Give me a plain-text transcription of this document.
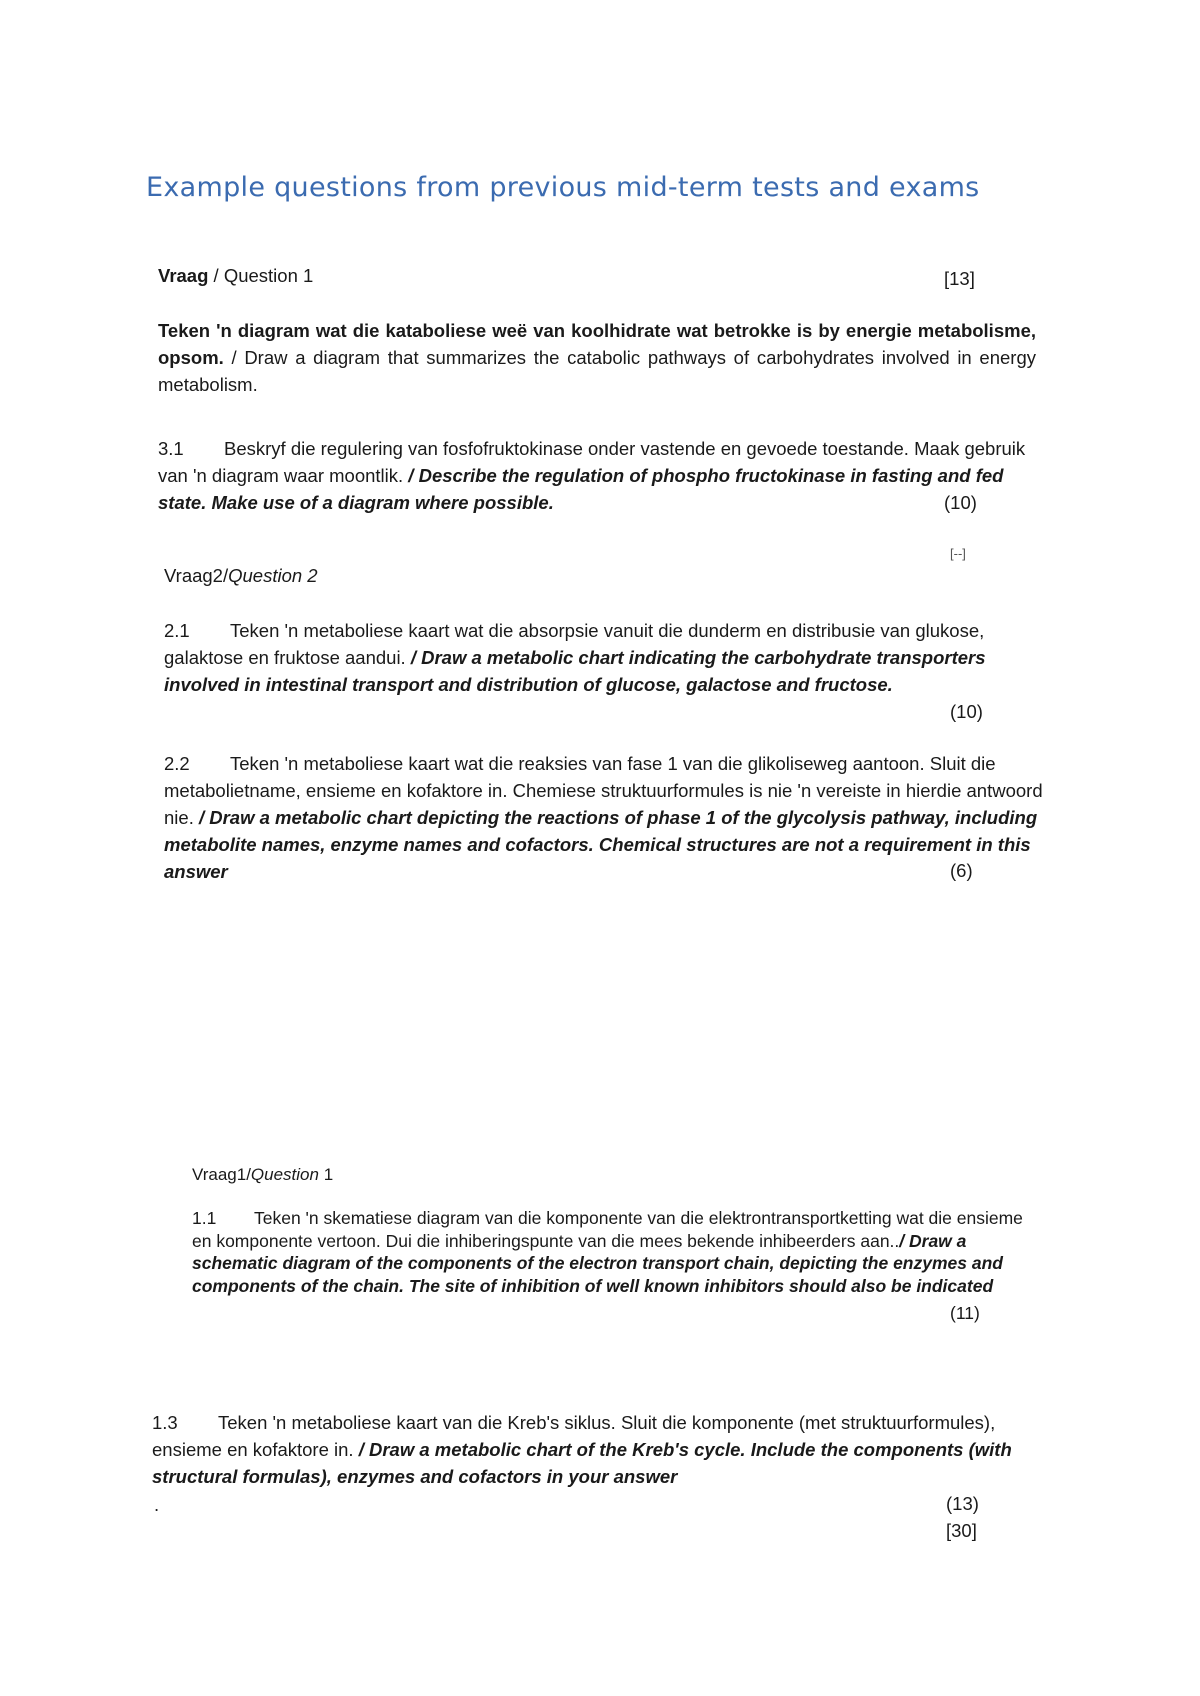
Example questions from previous mid-term tests and exams

Vraag / Question 1	[13]

Teken 'n diagram wat die kataboliese weë van koolhidrate wat betrokke is by energie metabolisme, opsom. / Draw a diagram that summarizes the catabolic pathways of carbohydrates involved in energy metabolism.

3.1 Beskryf die regulering van fosfofruktokinase onder vastende en gevoede toestande. Maak gebruik van 'n diagram waar moontlik. / Describe the regulation of phospho fructokinase in fasting and fed state. Make use of a diagram where possible.	(10)
[--]

Vraag2/Question 2

2.1 Teken 'n metaboliese kaart wat die absorpsie vanuit die dunderm en distribusie van glukose, galaktose en fruktose aandui. / Draw a metabolic chart indicating the carbohydrate transporters involved in intestinal transport and distribution of glucose, galactose and fructose.

(10)

2.2 Teken 'n metaboliese kaart wat die reaksies van fase 1 van die glikoliseweg aantoon. Sluit die metabolietname, ensieme en kofaktore in. Chemiese struktuurformules is nie 'n vereiste in hierdie antwoord nie. / Draw a metabolic chart depicting the reactions of phase 1 of the glycolysis pathway, including metabolite names, enzyme names and cofactors. Chemical structures are not a requirement in this answer	(6)

Vraag1/Question 1

1.1 Teken 'n skematiese diagram van die komponente van die elektrontransportketting wat die ensieme en komponente vertoon. Dui die inhiberingspunte van die mees bekende inhibeerders aan../ Draw a schematic diagram of the components of the electron transport chain, depicting the enzymes and components of the chain. The site of inhibition of well known inhibitors should also be indicated

(11)

1.3 Teken 'n metaboliese kaart van die Kreb's siklus. Sluit die komponente (met struktuurformules), ensieme en kofaktore in. / Draw a metabolic chart of the Kreb's cycle. Include the components (with structural formulas), enzymes and cofactors in your answer

.	(13)
[30]
